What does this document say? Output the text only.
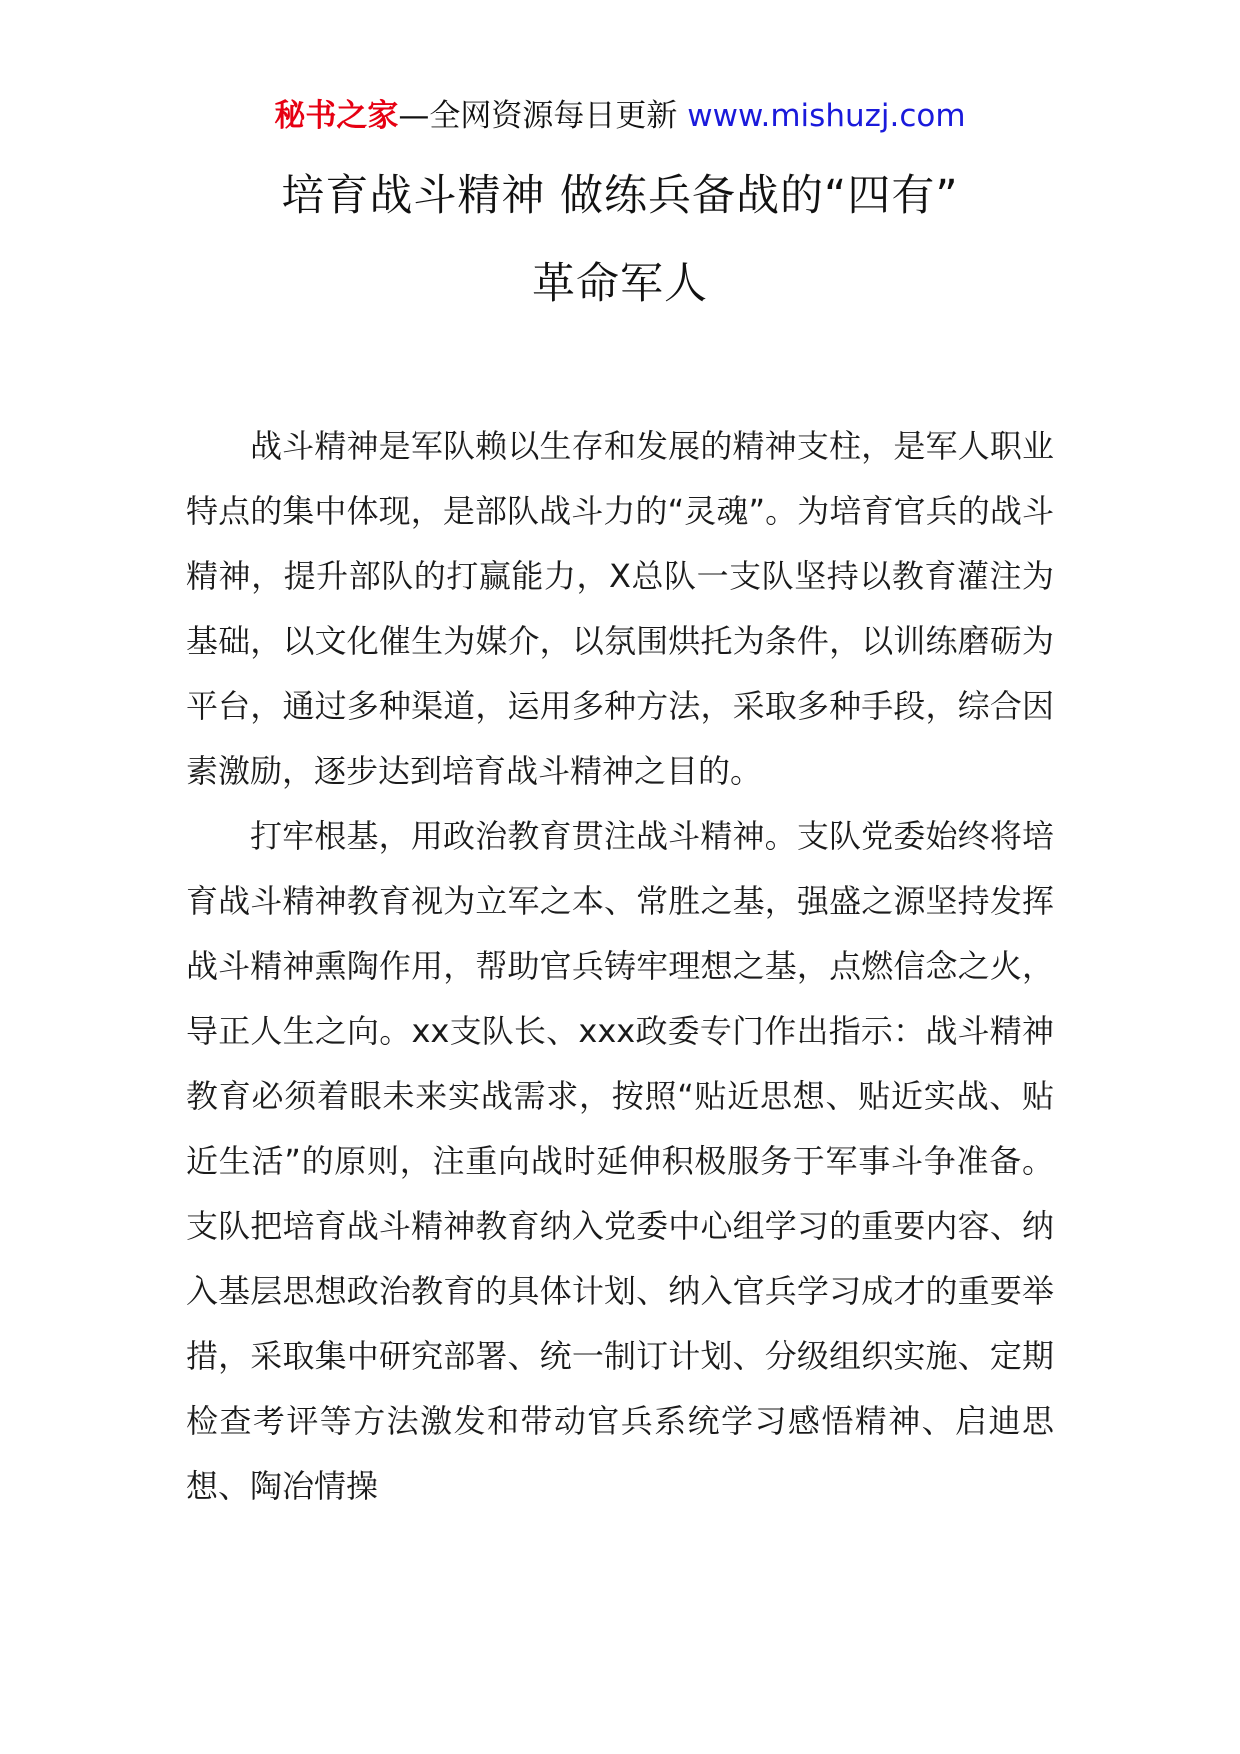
秘书之家—全网资源每日更新 www.mishuzj.com
培育战斗精神 做练兵备战的“四有”
革命军人

战斗精神是军队赖以生存和发展的精神支柱，是军人职业特点的集中体现，是部队战斗力的“灵魂”。为培育官兵的战斗精神，提升部队的打赢能力，X总队一支队坚持以教育灌注为基础，以文化催生为媒介，以氛围烘托为条件，以训练磨砺为平台，通过多种渠道，运用多种方法，采取多种手段，综合因素激励，逐步达到培育战斗精神之目的。

打牢根基，用政治教育贯注战斗精神。支队党委始终将培育战斗精神教育视为立军之本、常胜之基，强盛之源坚持发挥战斗精神熏陶作用，帮助官兵铸牢理想之基，点燃信念之火，导正人生之向。xx支队长、xxx政委专门作出指示：战斗精神教育必须着眼未来实战需求，按照“贴近思想、贴近实战、贴近生活”的原则，注重向战时延伸积极服务于军事斗争准备。支队把培育战斗精神教育纳入党委中心组学习的重要内容、纳入基层思想政治教育的具体计划、纳入官兵学习成才的重要举措，采取集中研究部署、统一制订计划、分级组织实施、定期检查考评等方法激发和带动官兵系统学习感悟精神、启迪思想、陶冶情操
